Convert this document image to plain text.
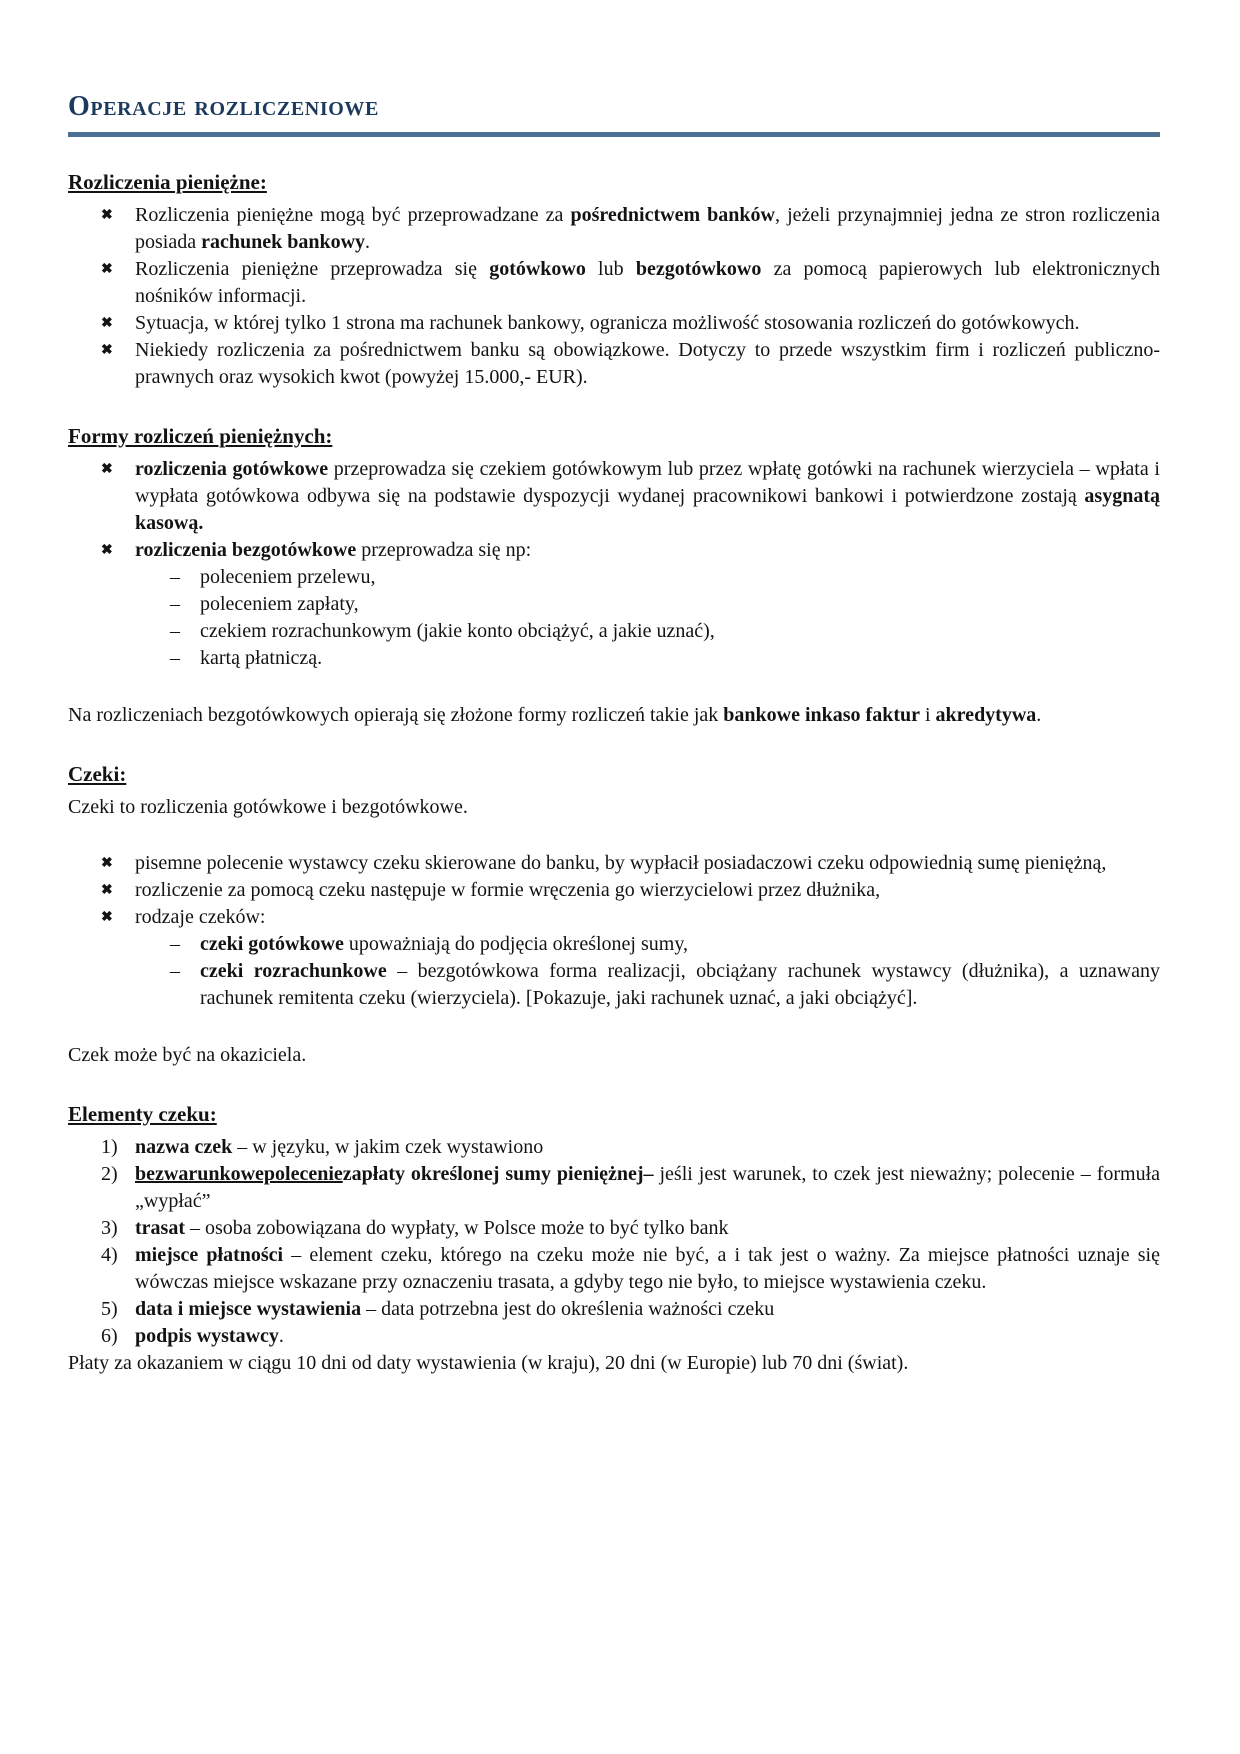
Operacje rozliczeniowe
Rozliczenia pieniężne:
✖ Rozliczenia pieniężne mogą być przeprowadzane za pośrednictwem banków, jeżeli przynajmniej jedna ze stron rozliczenia posiada rachunek bankowy.
✖ Rozliczenia pieniężne przeprowadza się gotówkowo lub bezgotówkowo za pomocą papierowych lub elektronicznych nośników informacji.
✖ Sytuacja, w której tylko 1 strona ma rachunek bankowy, ogranicza możliwość stosowania rozliczeń do gotówkowych.
✖ Niekiedy rozliczenia za pośrednictwem banku są obowiązkowe. Dotyczy to przede wszystkim firm i rozliczeń publiczno-prawnych oraz wysokich kwot (powyżej 15.000,- EUR).
Formy rozliczeń pieniężnych:
✖ rozliczenia gotówkowe przeprowadza się czekiem gotówkowym lub przez wpłatę gotówki na rachunek wierzyciela – wpłata i wypłata gotówkowa odbywa się na podstawie dyspozycji wydanej pracownikowi bankowi i potwierdzone zostają asygnatą kasową.
✖ rozliczenia bezgotówkowe przeprowadza się np:
– poleceniem przelewu,
– poleceniem zapłaty,
– czekiem rozrachunkowym (jakie konto obciążyć, a jakie uznać),
– kartą płatniczą.

Na rozliczeniach bezgotówkowych opierają się złożone formy rozliczeń takie jak bankowe inkaso faktur i akredytywa.

Czeki:

Czeki to rozliczenia gotówkowe i bezgotówkowe.

✖ pisemne polecenie wystawcy czeku skierowane do banku, by wypłacił posiadaczowi czeku odpowiednią sumę pieniężną,
✖ rozliczenie za pomocą czeku następuje w formie wręczenia go wierzycielowi przez dłużnika,
✖ rodzaje czeków:
– czeki gotówkowe upoważniają do podjęcia określonej sumy,
– czeki rozrachunkowe – bezgotówkowa forma realizacji, obciążany rachunek wystawcy (dłużnika), a uznawany rachunek remitenta czeku (wierzyciela). [Pokazuje, jaki rachunek uznać, a jaki obciążyć].

Czek może być na okaziciela.

Elementy czeku:
1) nazwa czek – w języku, w jakim czek wystawiono
2) bezwarunkowepoleceniezapłaty określonej sumy pieniężnej– jeśli jest warunek, to czek jest nieważny; polecenie – formuła „wypłać”
3) trasat – osoba zobowiązana do wypłaty, w Polsce może to być tylko bank
4) miejsce płatności – element czeku, którego na czeku może nie być, a i tak jest o ważny. Za miejsce płatności uznaje się wówczas miejsce wskazane przy oznaczeniu trasata, a gdyby tego nie było, to miejsce wystawienia czeku.
5) data i miejsce wystawienia – data potrzebna jest do określenia ważności czeku
6) podpis wystawcy.

Płaty za okazaniem w ciągu 10 dni od daty wystawienia (w kraju), 20 dni (w Europie) lub 70 dni (świat).
